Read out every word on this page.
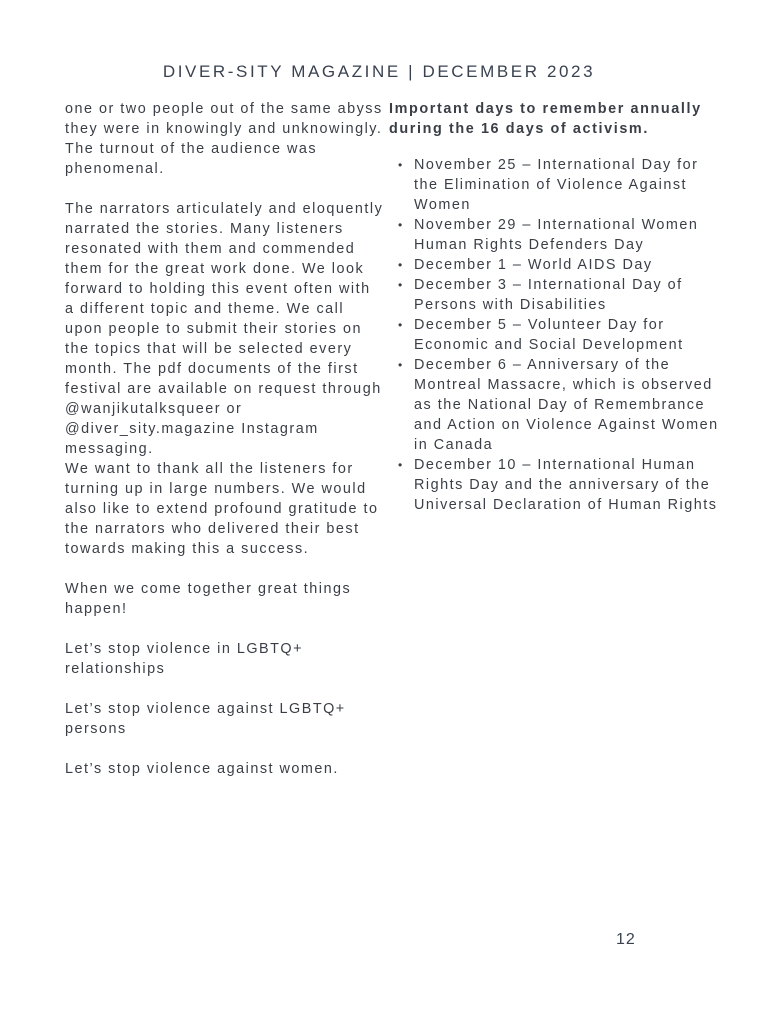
DIVER-SITY MAGAZINE | DECEMBER 2023

one or two people out of the same abyss they were in knowingly and unknowingly. The turnout of the audience was phenomenal.

The narrators articulately and eloquently narrated the stories. Many listeners resonated with them and commended them for the great work done. We look forward to holding this event often with a different topic and theme. We call upon people to submit their stories on the topics that will be selected every month. The pdf documents of the first festival are available on request through @wanjikutalksqueer or @diver_sity.magazine Instagram messaging.

We want to thank all the listeners for turning up in large numbers. We would also like to extend profound gratitude to the narrators who delivered their best towards making this a success.

When we come together great things happen!

Let’s stop violence in LGBTQ+ relationships

Let’s stop violence against LGBTQ+ persons

Let’s stop violence against women.

Important days to remember annually during the 16 days of activism.
• November 25 – International Day for the Elimination of Violence Against Women
• November 29 – International Women Human Rights Defenders Day
• December 1 – World AIDS Day
• December 3 – International Day of Persons with Disabilities
• December 5 – Volunteer Day for Economic and Social Development
• December 6 – Anniversary of the Montreal Massacre, which is observed as the National Day of Remembrance and Action on Violence Against Women in Canada
• December 10 – International Human Rights Day and the anniversary of the Universal Declaration of Human Rights
12
